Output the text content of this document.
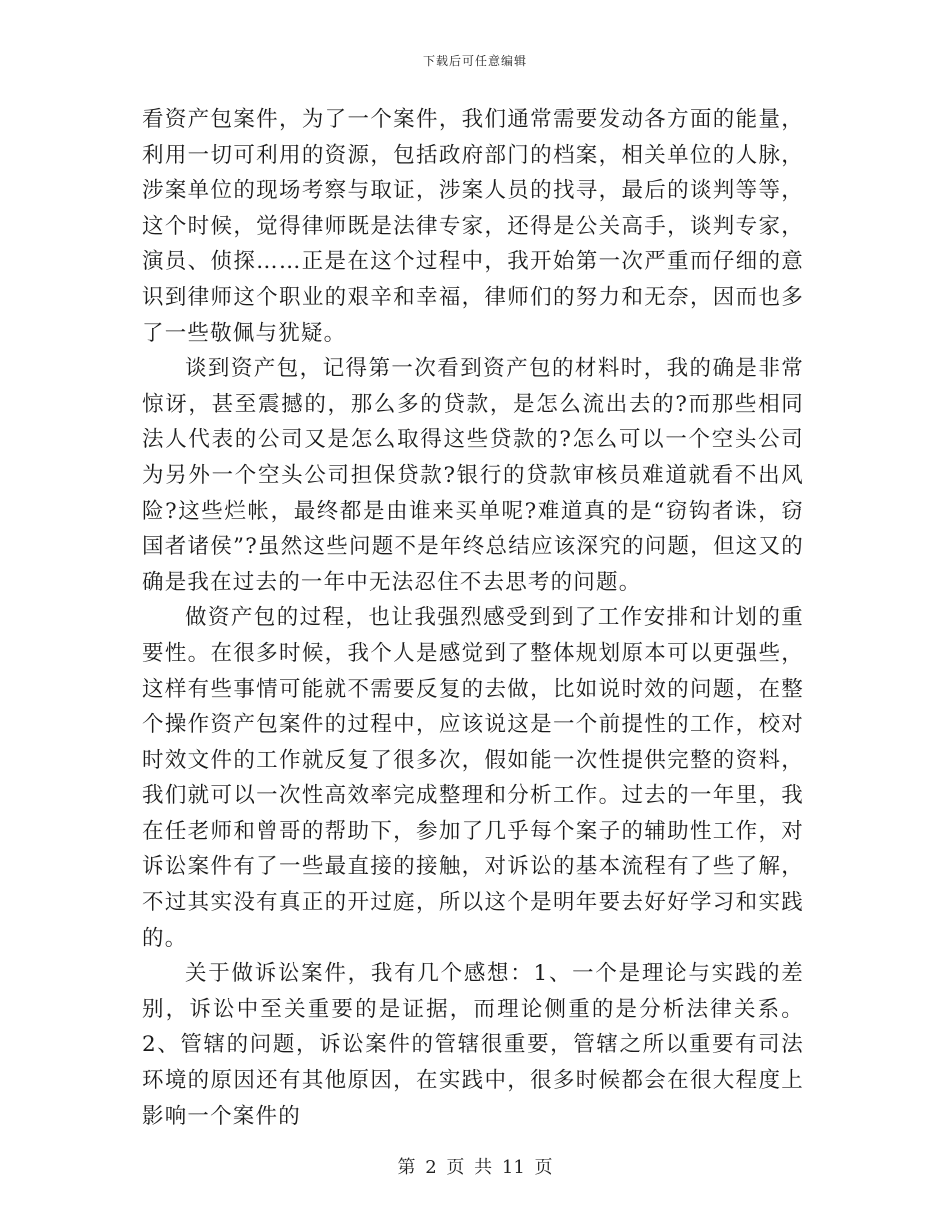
下载后可任意编辑

看资产包案件，为了一个案件，我们通常需要发动各方面的能量，利用一切可利用的资源，包括政府部门的档案，相关单位的人脉，涉案单位的现场考察与取证，涉案人员的找寻，最后的谈判等等，这个时候，觉得律师既是法律专家，还得是公关高手，谈判专家，演员、侦探……正是在这个过程中，我开始第一次严重而仔细的意识到律师这个职业的艰辛和幸福，律师们的努力和无奈，因而也多了一些敬佩与犹疑。

谈到资产包，记得第一次看到资产包的材料时，我的确是非常惊讶，甚至震撼的，那么多的贷款，是怎么流出去的?而那些相同法人代表的公司又是怎么取得这些贷款的?怎么可以一个空头公司为另外一个空头公司担保贷款?银行的贷款审核员难道就看不出风险?这些烂帐，最终都是由谁来买单呢?难道真的是“窃钩者诛，窃国者诸侯”?虽然这些问题不是年终总结应该深究的问题，但这又的确是我在过去的一年中无法忍住不去思考的问题。

做资产包的过程，也让我强烈感受到到了工作安排和计划的重要性。在很多时候，我个人是感觉到了整体规划原本可以更强些，这样有些事情可能就不需要反复的去做，比如说时效的问题，在整个操作资产包案件的过程中，应该说这是一个前提性的工作，校对时效文件的工作就反复了很多次，假如能一次性提供完整的资料，我们就可以一次性高效率完成整理和分析工作。过去的一年里，我在任老师和曾哥的帮助下，参加了几乎每个案子的辅助性工作，对诉讼案件有了一些最直接的接触，对诉讼的基本流程有了些了解，不过其实没有真正的开过庭，所以这个是明年要去好好学习和实践的。

关于做诉讼案件，我有几个感想：1、一个是理论与实践的差别，诉讼中至关重要的是证据，而理论侧重的是分析法律关系。2、管辖的问题，诉讼案件的管辖很重要，管辖之所以重要有司法环境的原因还有其他原因，在实践中，很多时候都会在很大程度上影响一个案件的

第 2 页 共 11 页
